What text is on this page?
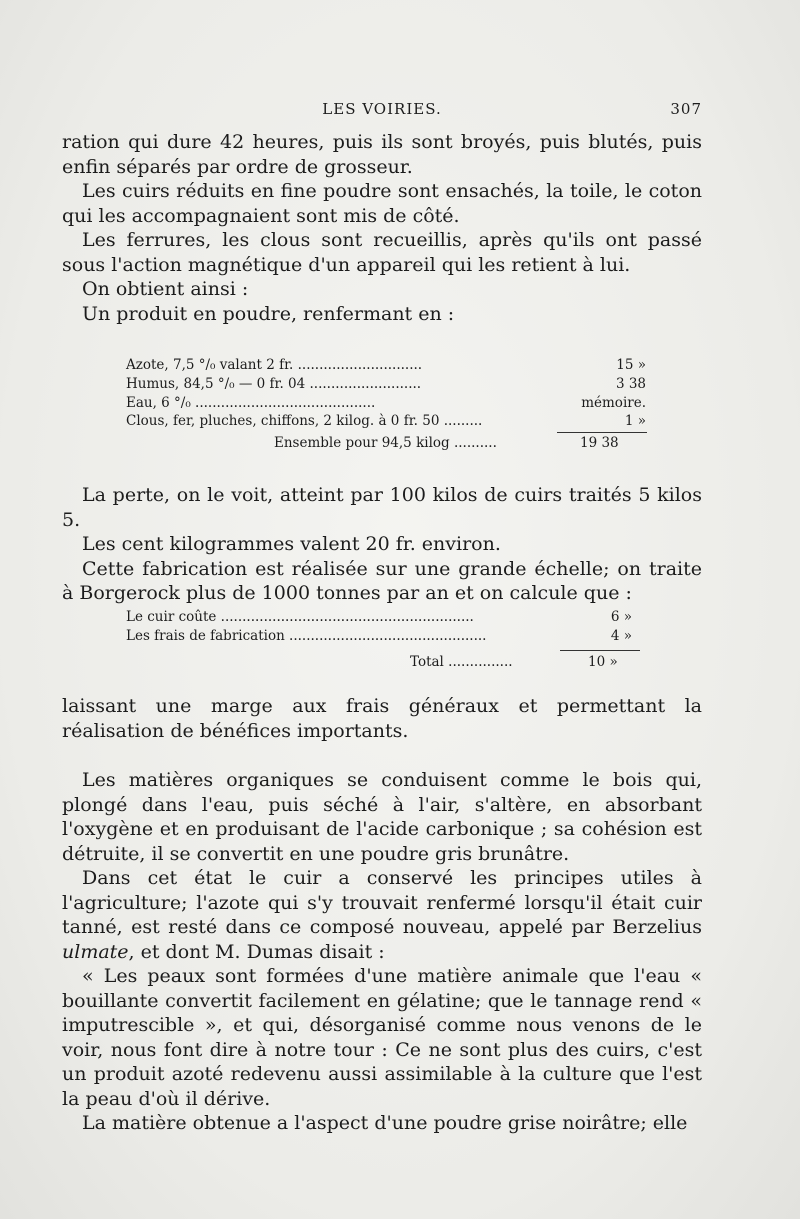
LES VOIRIES.	307

ration qui dure 42 heures, puis ils sont broyés, puis blutés, puis enfin séparés par ordre de grosseur.

Les cuirs réduits en fine poudre sont ensachés, la toile, le coton qui les accompagnaient sont mis de côté.

Les ferrures, les clous sont recueillis, après qu'ils ont passé sous l'action magnétique d'un appareil qui les retient à lui.

On obtient ainsi :

Un produit en poudre, renfermant en :

Azote, 7,5 °/₀ valant 2 fr. .............................	15 »
Humus, 84,5 °/₀ — 0 fr. 04 ..........................	3 38
Eau, 6 °/₀ ..........................................	mémoire.
Clous, fer, pluches, chiffons, 2 kilog. à 0 fr. 50 .........	1 »
Ensemble pour 94,5 kilog ..........	19 38

La perte, on le voit, atteint par 100 kilos de cuirs traités 5 kilos 5.

Les cent kilogrammes valent 20 fr. environ.

Cette fabrication est réalisée sur une grande échelle; on traite à Borgerock plus de 1000 tonnes par an et on calcule que :

Le cuir coûte ...........................................................	6 »
Les frais de fabrication ..............................................	4 »
Total ...............	10 »

laissant une marge aux frais généraux et permettant la réalisation de bénéfices importants.

Les matières organiques se conduisent comme le bois qui, plongé dans l'eau, puis séché à l'air, s'altère, en absorbant l'oxygène et en produisant de l'acide carbonique ; sa cohésion est détruite, il se convertit en une poudre gris brunâtre.

Dans cet état le cuir a conservé les principes utiles à l'agriculture; l'azote qui s'y trouvait renfermé lorsqu'il était cuir tanné, est resté dans ce composé nouveau, appelé par Berzelius ulmate, et dont M. Dumas disait :

« Les peaux sont formées d'une matière animale que l'eau « bouillante convertit facilement en gélatine; que le tannage rend « imputrescible », et qui, désorganisé comme nous venons de le voir, nous font dire à notre tour : Ce ne sont plus des cuirs, c'est un produit azoté redevenu aussi assimilable à la culture que l'est la peau d'où il dérive.

La matière obtenue a l'aspect d'une poudre grise noirâtre; elle
